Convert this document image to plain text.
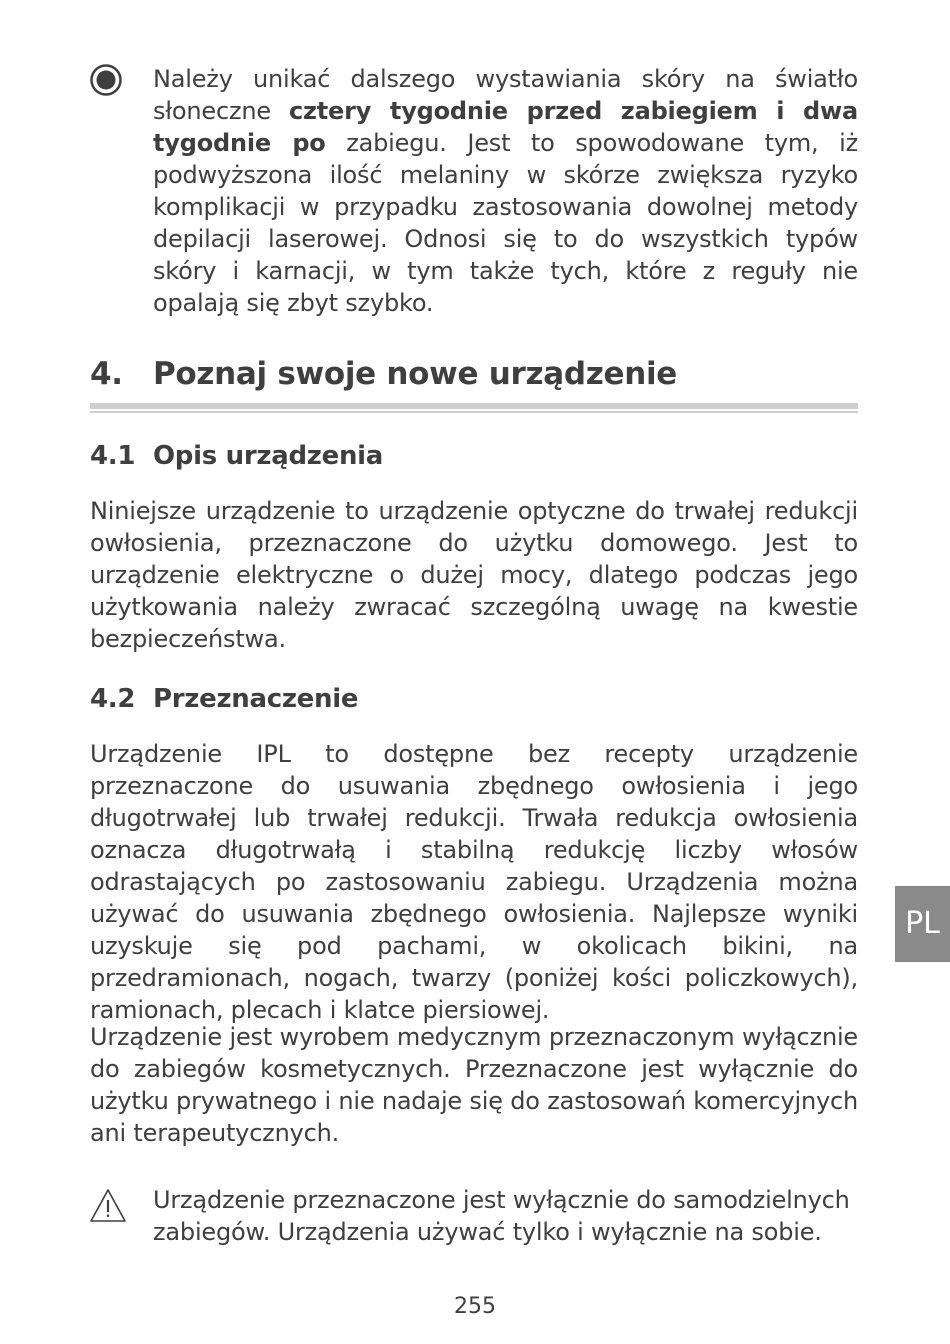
Należy unikać dalszego wystawiania skóry na światło słoneczne cztery tygodnie przed zabiegiem i dwa tygodnie po zabiegu. Jest to spowodowane tym, iż podwyższona ilość melaniny w skórze zwiększa ryzyko komplikacji w przypadku zastosowania dowolnej metody depilacji laserowej. Odnosi się to do wszystkich typów skóry i karnacji, w tym także tych, które z reguły nie opalają się zbyt szybko.

4. Poznaj swoje nowe urządzenie
4.1 Opis urządzenia

Niniejsze urządzenie to urządzenie optyczne do trwałej redukcji owłosienia, przeznaczone do użytku domowego. Jest to urządzenie elektryczne o dużej mocy, dlatego podczas jego użytkowania należy zwracać szczególną uwagę na kwestie bezpieczeństwa.

4.2 Przeznaczenie

Urządzenie IPL to dostępne bez recepty urządzenie przeznaczone do usuwania zbędnego owłosienia i jego długotrwałej lub trwałej redukcji. Trwała redukcja owłosienia oznacza długotrwałą i stabilną redukcję liczby włosów odrastających po zastosowaniu zabiegu. Urządzenia można używać do usuwania zbędnego owłosienia. Najlepsze wyniki uzyskuje się pod pachami, w okolicach bikini, na przedramionach, nogach, twarzy (poniżej kości policzkowych), ramionach, plecach i klatce piersiowej.

Urządzenie jest wyrobem medycznym przeznaczonym wyłącznie do zabiegów kosmetycznych. Przeznaczone jest wyłącznie do użytku prywatnego i nie nadaje się do zastosowań komercyjnych ani terapeutycznych.

Urządzenie przeznaczone jest wyłącznie do samodzielnych zabiegów. Urządzenia używać tylko i wyłącznie na sobie.

PL
255
